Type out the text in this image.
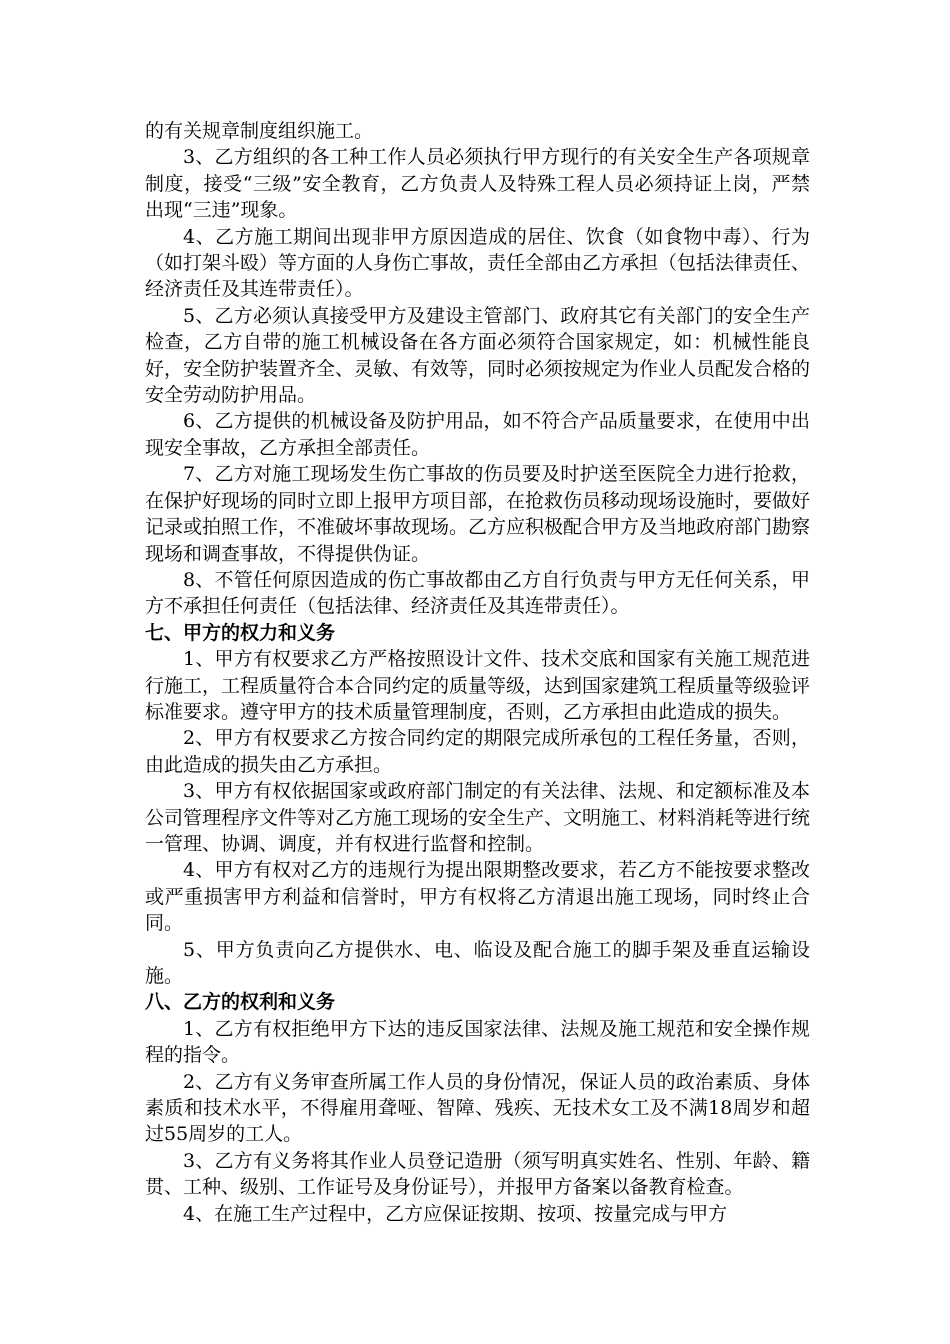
的有关规章制度组织施工。

3、乙方组织的各工种工作人员必须执行甲方现行的有关安全生产各项规章制度，接受“三级”安全教育，乙方负责人及特殊工程人员必须持证上岗，严禁出现“三违”现象。

4、乙方施工期间出现非甲方原因造成的居住、饮食（如食物中毒）、行为（如打架斗殴）等方面的人身伤亡事故，责任全部由乙方承担（包括法律责任、经济责任及其连带责任）。

5、乙方必须认真接受甲方及建设主管部门、政府其它有关部门的安全生产检查，乙方自带的施工机械设备在各方面必须符合国家规定，如：机械性能良好，安全防护装置齐全、灵敏、有效等，同时必须按规定为作业人员配发合格的安全劳动防护用品。

6、乙方提供的机械设备及防护用品，如不符合产品质量要求，在使用中出现安全事故，乙方承担全部责任。

7、乙方对施工现场发生伤亡事故的伤员要及时护送至医院全力进行抢救，在保护好现场的同时立即上报甲方项目部，在抢救伤员移动现场设施时，要做好记录或拍照工作，不准破坏事故现场。乙方应积极配合甲方及当地政府部门勘察现场和调查事故，不得提供伪证。

8、不管任何原因造成的伤亡事故都由乙方自行负责与甲方无任何关系，甲方不承担任何责任（包括法律、经济责任及其连带责任）。

七、甲方的权力和义务

1、甲方有权要求乙方严格按照设计文件、技术交底和国家有关施工规范进行施工，工程质量符合本合同约定的质量等级，达到国家建筑工程质量等级验评标准要求。遵守甲方的技术质量管理制度，否则，乙方承担由此造成的损失。

2、甲方有权要求乙方按合同约定的期限完成所承包的工程任务量，否则，由此造成的损失由乙方承担。

3、甲方有权依据国家或政府部门制定的有关法律、法规、和定额标准及本公司管理程序文件等对乙方施工现场的安全生产、文明施工、材料消耗等进行统一管理、协调、调度，并有权进行监督和控制。

4、甲方有权对乙方的违规行为提出限期整改要求，若乙方不能按要求整改或严重损害甲方利益和信誉时，甲方有权将乙方清退出施工现场，同时终止合同。

5、甲方负责向乙方提供水、电、临设及配合施工的脚手架及垂直运输设施。

八、乙方的权利和义务

1、乙方有权拒绝甲方下达的违反国家法律、法规及施工规范和安全操作规程的指令。

2、乙方有义务审查所属工作人员的身份情况，保证人员的政治素质、身体素质和技术水平，不得雇用聋哑、智障、残疾、无技术女工及不满18周岁和超过55周岁的工人。

3、乙方有义务将其作业人员登记造册（须写明真实姓名、性别、年龄、籍贯、工种、级别、工作证号及身份证号），并报甲方备案以备教育检查。

4、在施工生产过程中，乙方应保证按期、按项、按量完成与甲方
